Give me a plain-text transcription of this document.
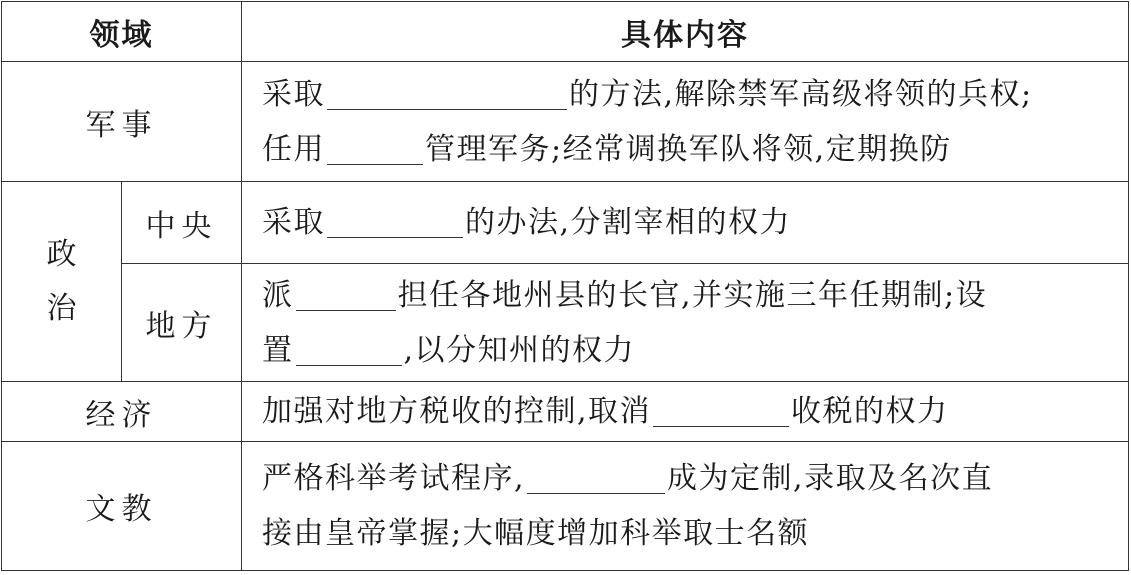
领域		具体内容
军事		采取 的方法,解除禁军高级将领的兵权;
任用 管理军务;经常调换军队将领,定期换防

政
治	中央	采取 的办法,分割宰相的权力
	地方	派 担任各地州县的长官,并实施三年任期制;设
置 ,以分知州的权力

经济		加强对地方税收的控制,取消 收税的权力
文教		严格科举考试程序, 成为定制,录取及名次直
接由皇帝掌握;大幅度增加科举取士名额
